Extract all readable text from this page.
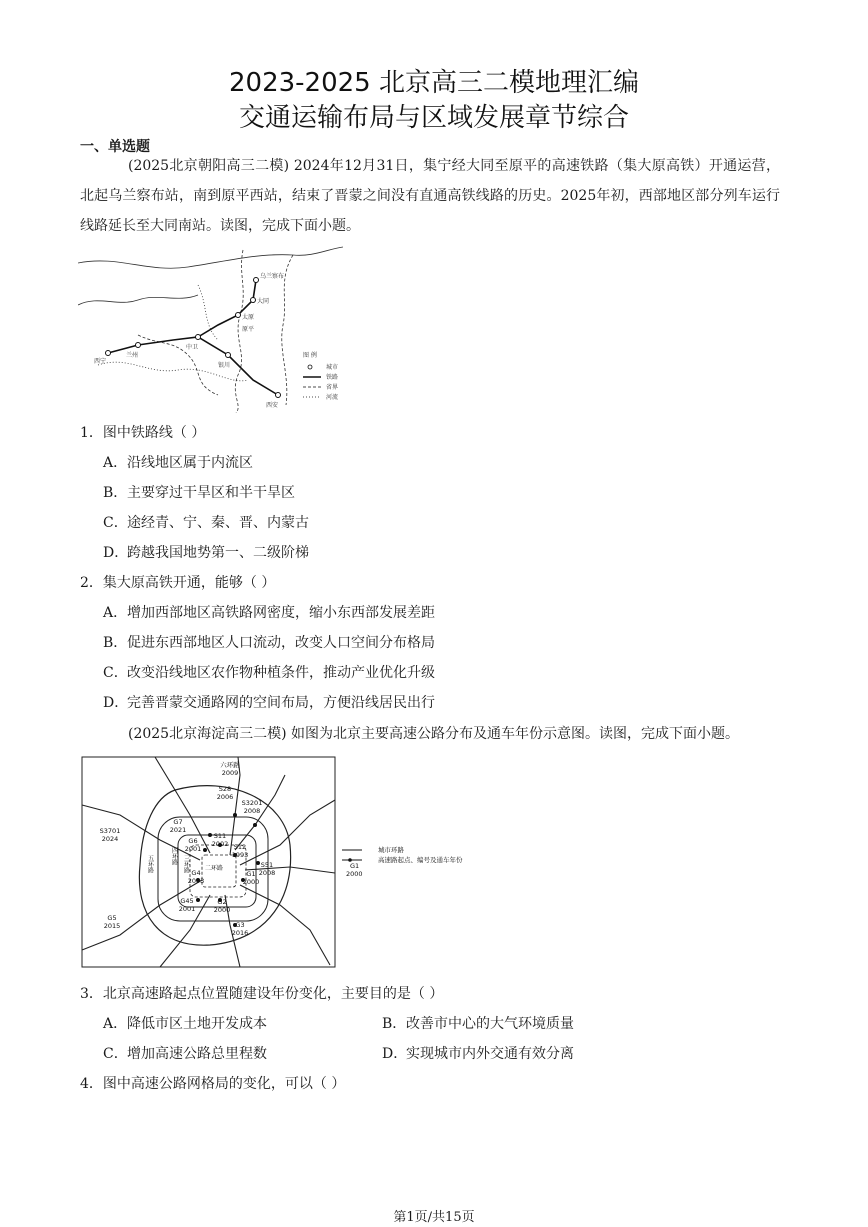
2023-2025 北京高三二模地理汇编
交通运输布局与区域发展章节综合
一、单选题
(2025北京朝阳高三二模) 2024年12月31日，集宁经大同至原平的高速铁路（集大原高铁）开通运营，北起乌兰察布站，南到原平西站，结束了晋蒙之间没有直通高铁线路的历史。2025年初，西部地区部分列车运行线路延长至大同南站。读图，完成下面小题。
西宁
兰州
中卫
银川
乌兰察布
大同
太原
原平
西安
图 例
城市
铁路
省界
河流
1．图中铁路线（ ）
A．沿线地区属于内流区
B．主要穿过干旱区和半干旱区
C．途经青、宁、秦、晋、内蒙古
D．跨越我国地势第一、二级阶梯
2．集大原高铁开通，能够（ ）
A．增加西部地区高铁路网密度，缩小东西部发展差距
B．促进东西部地区人口流动，改变人口空间分布格局
C．改变沿线地区农作物种植条件，推动产业优化升级
D．完善晋蒙交通路网的空间布局，方便沿线居民出行
(2025北京海淀高三二模) 如图为北京主要高速公路分布及通车年份示意图。读图，完成下面小题。
六环路
2009
S28
2006
S3201
2008
G7
2021
S11
2002
G6
2001	S12
1993
S51
2008
S3701
2024
G4
2003
G1
2000
G45
2001
G2
2000
G5
2015	G3
2016
二环路
三环路
四环路
五环路
城市环路
高速路起点、编号及通车年份
G1
2000
3．北京高速路起点位置随建设年份变化，主要目的是（ ）
A．降低市区土地开发成本	B．改善市中心的大气环境质量
C．增加高速公路总里程数	D．实现城市内外交通有效分离
4．图中高速公路网格局的变化，可以（ ）
第1页/共15页
